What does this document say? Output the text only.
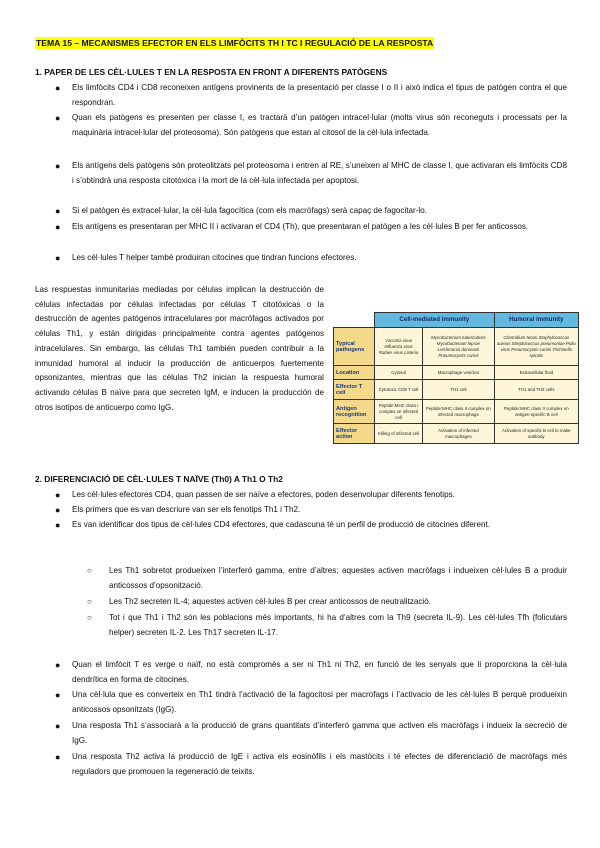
TEMA 15 – MECANISMES EFECTOR EN ELS LIMFÒCITS TH I TC I REGULACIÓ DE LA RESPOSTA
1. PAPER DE LES CÈL·LULES T EN LA RESPOSTA EN FRONT A DIFERENTS PATÒGENS
● Els limfòcits CD4 i CD8 reconeixen antígens provinents de la presentació per classe I o II i això indica el tipus de patògen contra el que respondran.
● Quan els patògens es presenten per classe I, es tractarà d’un patògen intracel·lular (molts virus són reconeguts i processats per la maquinària intracel·lular del proteosoma). Són patògens que estan al citosol de la cèl·lula infectada.
● Els antígens dels patògens són proteolitzats pel proteosoma i entren al RE, s’uneixen al MHC de classe I, que activaran els limfòcits CD8 i s’obtindrà una resposta citotòxica i la mort de la cèl·lula infectada per apoptosi.
● Si el patògen és extracel·lular, la cèl·lula fagocítica (com els macròfags) serà capaç de fagocitar-lo.
● Els antígens es presentaran per MHC II i activaran el CD4 (Th), que presentaran el patògen a les cèl·lules B per fer anticossos.
● Les cèl·lules T helper també produiran citocines que tindran funcions efectores.
Las respuestas inmunitarias mediadas por células implican la destrucción de células infectadas por células infectadas por células T citotóxicas o la destrucción de agentes patógenos intracelulares por macrófagos activados por células Th1, y están dirigidas principalmente contra agentes patógenos intracelulares. Sin embargo, las células Th1 también pueden contribuir a la inmunidad humoral al inducir la producción de anticuerpos fuertemente opsonizantes, mientras que las células Th2 inician la respuesta humoral activando células B naïve para que secreten IgM, e inducen la producción de otros isotipos de anticuerpo como IgG.
	Cell-mediated immunity		Humoral immunity
Typical pathogens	Vaccinia virus Influenza virus Rabies virus Listeria	Mycobacterium tuberculosis Mycobacterium leprae Leishmania donovani Pneumocystis carinii	Clostridium tetani Staphylococcus aureus Streptococcus pneumoniae Polio virus Pneumocystis carinii Trichinella spiralis
Location	Cytosol	Macrophage vesicles	Extracellular fluid
Effector T cell	Cytotoxic CD8 T cell	TH1 cell	TH1 and TH2 cells
Antigen recognition	Peptide:MHC class I complex on infected cell	Peptide:MHC class II complex on infected macrophage	Peptide:MHC class II complex on antigen-specific B cell
Effector action	Killing of infected cell	Activation of infected macrophages	Activation of specific B cell to make antibody
2. DIFERENCIACIÓ DE CÈL·LULES T NAÏVE (Th0) A Th1 O Th2
● Les cèl·lules efectores CD4, quan passen de ser naïve a efectores, poden desenvolupar diferents fenotips.
● Els primers que es van descriure van ser els fenotips Th1 i Th2.
● Es van identificar dos tipus de cèl·lules CD4 efectores, que cadascuna té un perfil de producció de citocines diferent.
○ Les Th1 sobretot produeixen l’interferó gamma, entre d’altres; aquestes activen macròfags i indueixen cèl·lules B a produir anticossos d’opsonització.
○ Les Th2 secreten IL-4; aquestes activen cèl·lules B per crear anticossos de neutralització.
○ Tot i que Th1 i Th2 són les poblacions més importants, hi ha d’altres com la Th9 (secreta IL-9). Les cèl·lules Tfh (foliculars helper) secreten IL-2. Les Th17 secreten IL-17.
● Quan el limfòcit T es verge o naïf, no està compromès a ser ni Th1 ni Th2, en funció de les senyals que li proporciona la cèl·lula dendrítica en forma de citocines.
● Una cèl·lula que es converteix en Th1 tindrà l’activació de la fagocitosi per macrofags i l’activacio de les cèl·lules B perquè produeixin anticossos opsonitzats (IgG).
● Una resposta Th1 s’associarà a la producció de grans quantitats d’interferó gamma que activen els macròfags i indueix la secreció de IgG.
● Una resposta Th2 activa la producció de IgE i activa els eosinòfils i els mastòcits i té efectes de diferenciació de macròfags més reguladors que promouen la regeneració de teixits.
